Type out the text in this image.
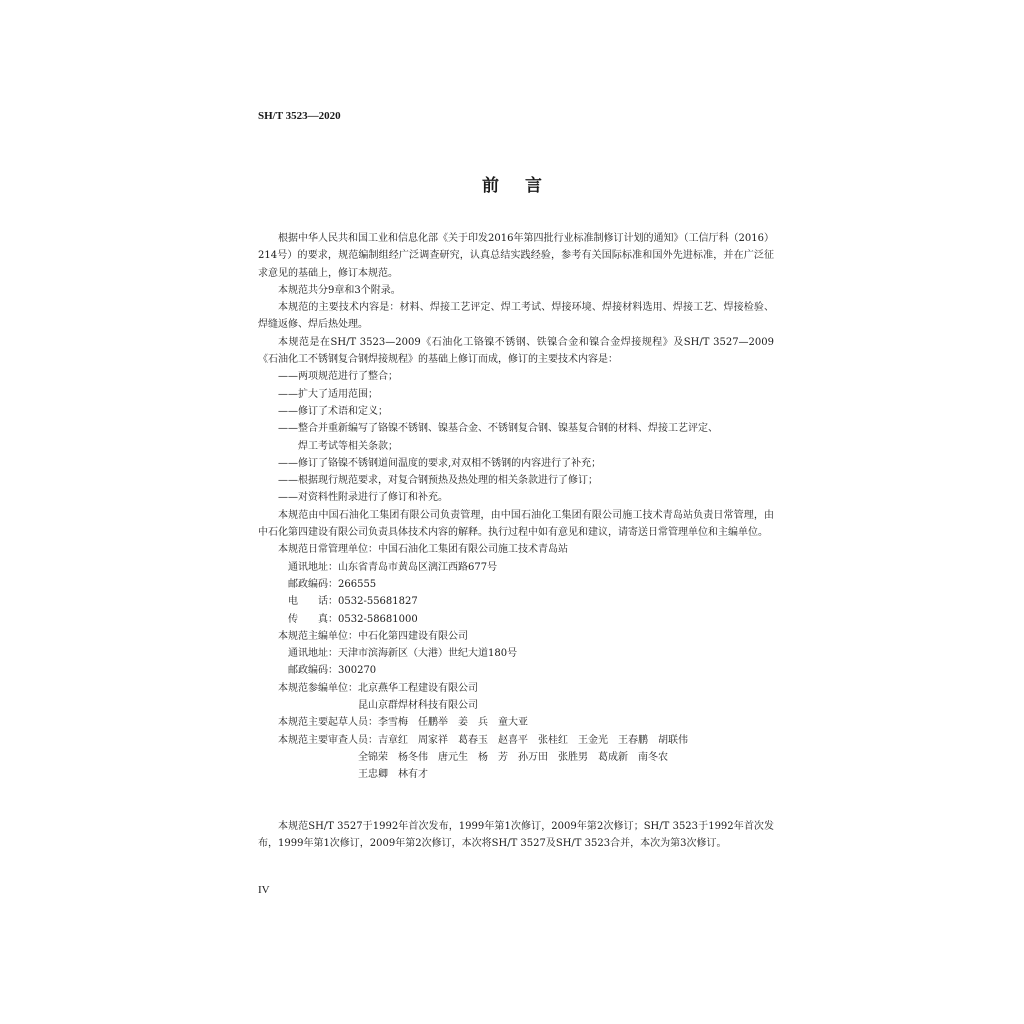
SH/T 3523—2020
前言
根据中华人民共和国工业和信息化部《关于印发2016年第四批行业标准制修订计划的通知》（工信厅科（2016）214号）的要求，规范编制组经广泛调查研究，认真总结实践经验，参考有关国际标准和国外先进标准，并在广泛征求意见的基础上，修订本规范。
本规范共分9章和3个附录。
本规范的主要技术内容是：材料、焊接工艺评定、焊工考试、焊接环境、焊接材料选用、焊接工艺、焊接检验、焊缝返修、焊后热处理。
本规范是在SH/T 3523—2009《石油化工铬镍不锈钢、铁镍合金和镍合金焊接规程》及SH/T 3527—2009《石油化工不锈钢复合钢焊接规程》的基础上修订而成，修订的主要技术内容是：
——两项规范进行了整合；
——扩大了适用范围；
——修订了术语和定义；
——整合并重新编写了铬镍不锈钢、镍基合金、不锈钢复合钢、镍基复合钢的材料、焊接工艺评定、
焊工考试等相关条款；
——修订了铬镍不锈钢道间温度的要求,对双相不锈钢的内容进行了补充；
——根据现行规范要求，对复合钢预热及热处理的相关条款进行了修订；
——对资料性附录进行了修订和补充。
本规范由中国石油化工集团有限公司负责管理，由中国石油化工集团有限公司施工技术青岛站负责日常管理，由中石化第四建设有限公司负责具体技术内容的解释。执行过程中如有意见和建议，请寄送日常管理单位和主编单位。
本规范日常管理单位： 中国石油化工集团有限公司施工技术青岛站
通讯地址：山东省青岛市黄岛区漓江西路677号
邮政编码：266555
电　　话：0532-55681827
传　　真：0532-58681000
本规范主编单位： 中石化第四建设有限公司
通讯地址：天津市滨海新区（大港）世纪大道180号
邮政编码：300270
本规范参编单位： 北京燕华工程建设有限公司
昆山京群焊材科技有限公司
本规范主要起草人员： 李雪梅　任鹏举　姜　兵　童大亚
本规范主要审查人员： 吉章红　周家祥　葛春玉　赵喜平　张桂红　王金光　王春鹏　胡联伟
全锦荣　杨冬伟　唐元生　杨　芳　孙万田　张胜男　葛成新　南冬农
王忠卿　林有才
本规范SH/T 3527于1992年首次发布，1999年第1次修订，2009年第2次修订；SH/T 3523于1992年首次发布，1999年第1次修订，2009年第2次修订，本次将SH/T 3527及SH/T 3523合并，本次为第3次修订。
IV
